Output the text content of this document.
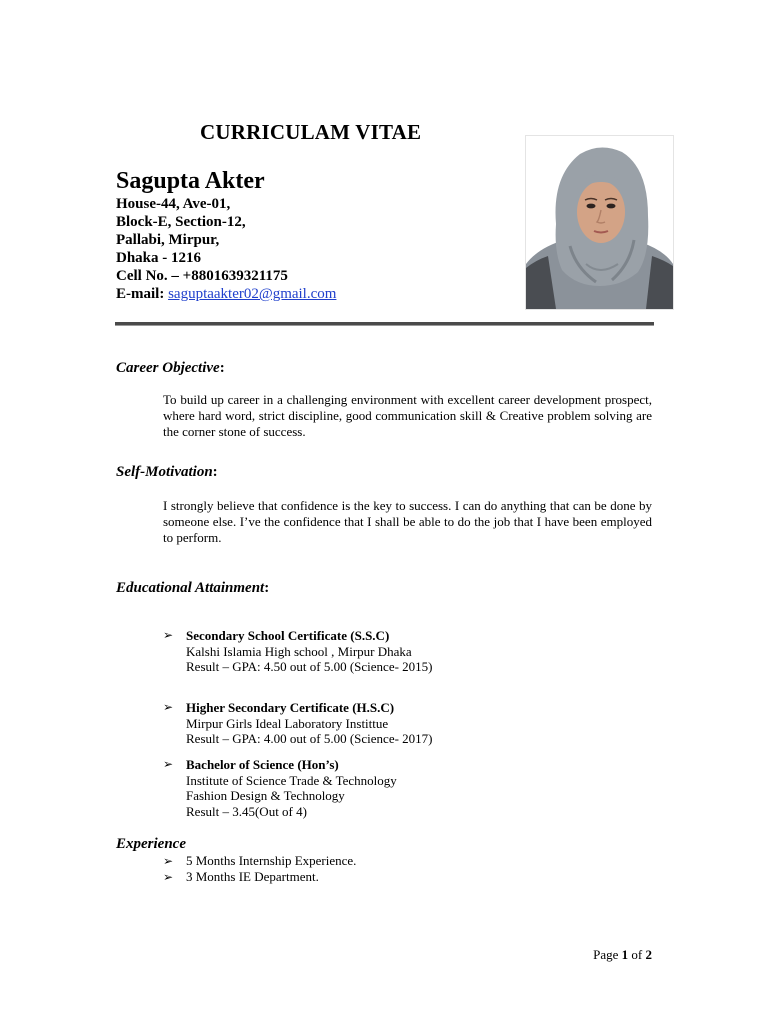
CURRICULAM VITAE
Sagupta Akter
House-44, Ave-01,
Block-E, Section-12,
Pallabi, Mirpur,
Dhaka - 1216
Cell No. – +8801639321175
E-mail: saguptaakter02@gmail.com
Career Objective:
To build up career in a challenging environment with excellent career development prospect, where hard word, strict discipline, good communication skill & Creative problem solving are the corner stone of success.
Self-Motivation:
I strongly believe that confidence is the key to success. I can do anything that can be done by someone else. I’ve the confidence that I shall be able to do the job that I have been employed to perform.
Educational Attainment:
➢ Secondary School Certificate (S.S.C)
Kalshi Islamia High school , Mirpur Dhaka
Result – GPA: 4.50 out of 5.00 (Science- 2015)
➢ Higher Secondary Certificate (H.S.C)
Mirpur Girls Ideal Laboratory Instittue
Result – GPA: 4.00 out of 5.00 (Science- 2017)
➢ Bachelor of Science (Hon’s)
Institute of Science Trade & Technology
Fashion Design & Technology
Result – 3.45(Out of 4)
Experience
➢ 5 Months Internship Experience.
➢ 3 Months IE Department.
Page 1 of 2
